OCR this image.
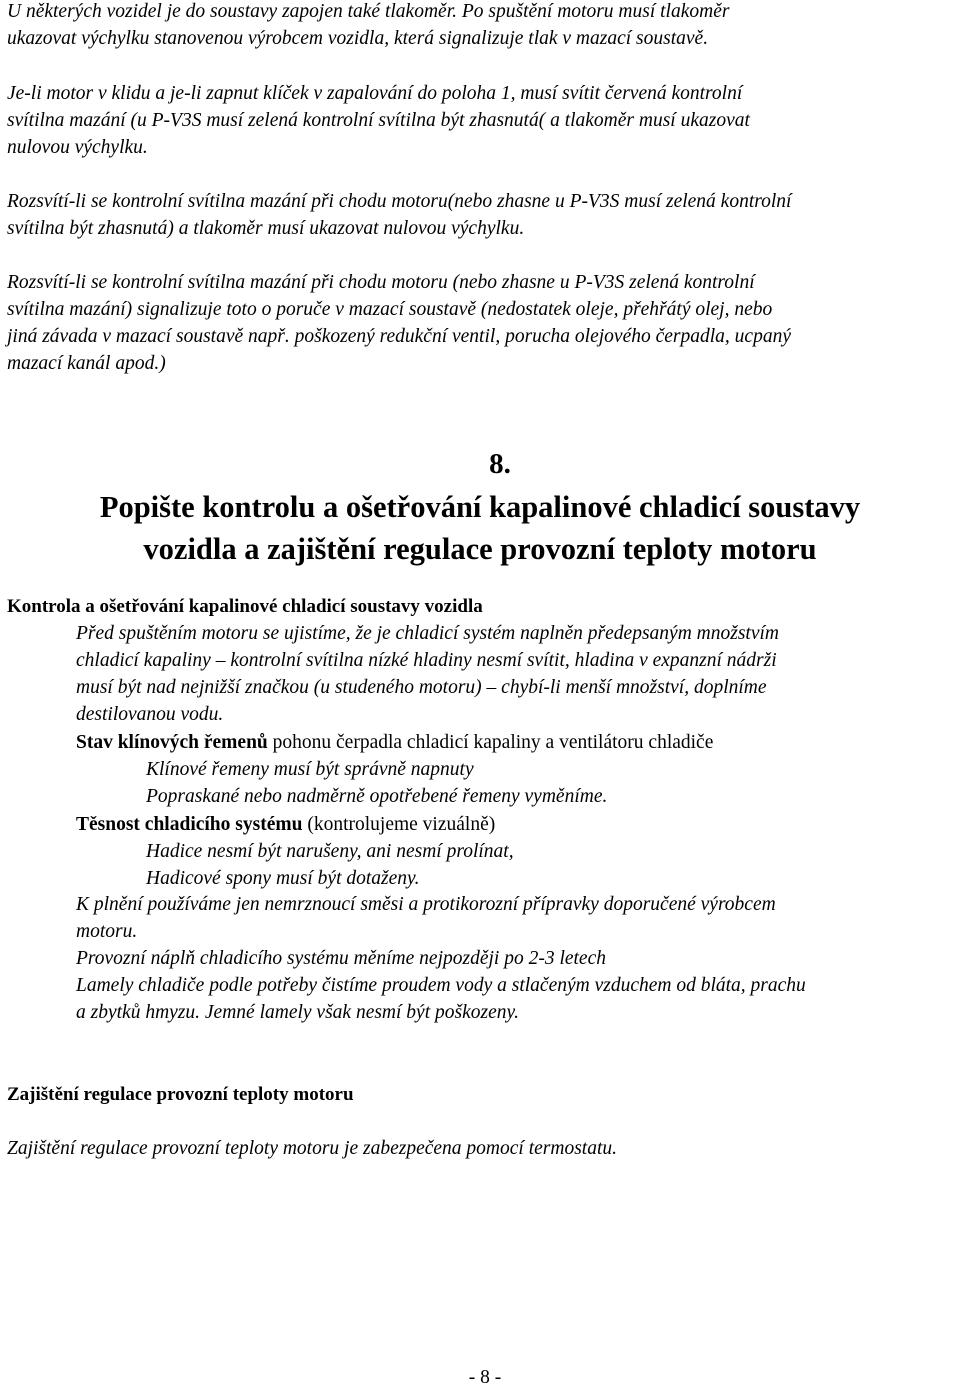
U některých vozidel je do soustavy zapojen také tlakoměr. Po spuštění motoru musí tlakoměr
ukazovat výchylku stanovenou výrobcem vozidla, která signalizuje tlak v mazací soustavě.
Je-li motor v klidu a je-li zapnut klíček v zapalování do poloha 1, musí svítit červená kontrolní
svítilna mazání (u P-V3S musí zelená kontrolní svítilna být zhasnutá( a tlakoměr musí ukazovat
nulovou výchylku.
Rozsvítí-li se kontrolní svítilna mazání při chodu motoru(nebo zhasne u P-V3S musí zelená kontrolní
svítilna být zhasnutá) a tlakoměr musí ukazovat nulovou výchylku.
Rozsvítí-li se kontrolní svítilna mazání při chodu motoru (nebo zhasne u P-V3S zelená kontrolní
svítilna mazání) signalizuje toto o poruče v mazací soustavě (nedostatek oleje, přehřátý olej, nebo
jiná závada v mazací soustavě např. poškozený redukční ventil, porucha olejového čerpadla, ucpaný
mazací kanál apod.)
8.
Popište kontrolu a ošetřování kapalinové chladicí soustavy
vozidla a zajištění regulace provozní teploty motoru
Kontrola a ošetřování kapalinové chladicí soustavy vozidla
Před spuštěním motoru se ujistíme, že je chladicí systém naplněn předepsaným množstvím
chladicí kapaliny – kontrolní svítilna nízké hladiny nesmí svítit, hladina v expanzní nádrži
musí být nad nejnižší značkou (u studeného motoru) – chybí-li menší množství, doplníme
destilovanou vodu.
Stav klínových řemenů pohonu čerpadla chladicí kapaliny a ventilátoru chladiče
Klínové řemeny musí být správně napnuty
Popraskané nebo nadměrně opotřebené řemeny vyměníme.
Těsnost chladicího systému (kontrolujeme vizuálně)
Hadice nesmí být narušeny, ani nesmí prolínat,
Hadicové spony musí být dotaženy.
K plnění používáme jen nemrznoucí směsi a protikorozní přípravky doporučené výrobcem
motoru.
Provozní náplň chladicího systému měníme nejpozději po 2-3 letech
Lamely chladiče podle potřeby čistíme proudem vody a stlačeným vzduchem od bláta, prachu
a zbytků hmyzu. Jemné lamely však nesmí být poškozeny.
Zajištění regulace provozní teploty motoru
Zajištění regulace provozní teploty motoru je zabezpečena pomocí termostatu.
- 8 -
